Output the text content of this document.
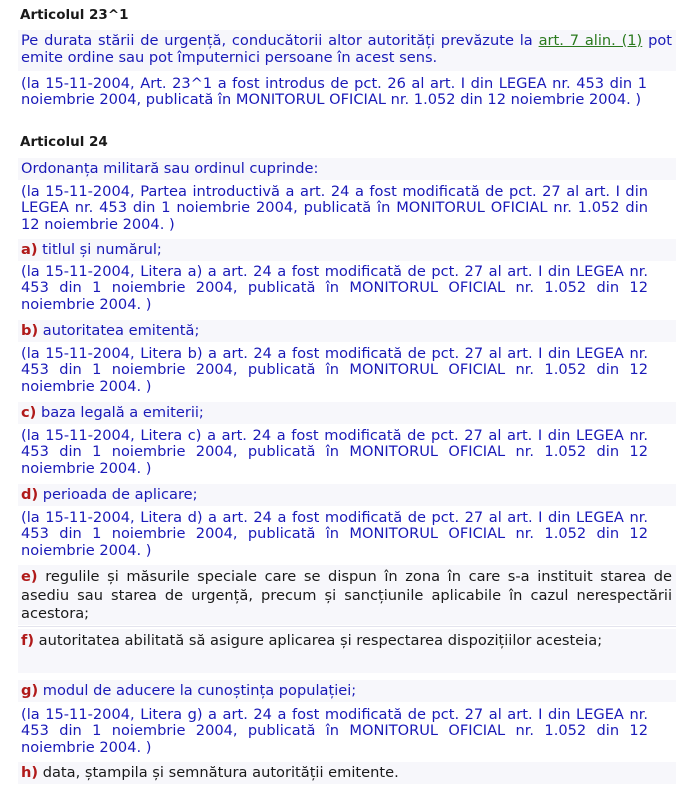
Articolul 23^1
Pe durata stării de urgență, conducătorii altor autorități prevăzute la art. 7 alin. (1) pot emite ordine sau pot împuternici persoane în acest sens.
(la 15-11-2004, Art. 23^1 a fost introdus de pct. 26 al art. I din LEGEA nr. 453 din 1 noiembrie 2004, publicată în MONITORUL OFICIAL nr. 1.052 din 12 noiembrie 2004. )
Articolul 24
Ordonanța militară sau ordinul cuprinde:
(la 15-11-2004, Partea introductivă a art. 24 a fost modificată de pct. 27 al art. I din LEGEA nr. 453 din 1 noiembrie 2004, publicată în MONITORUL OFICIAL nr. 1.052 din 12 noiembrie 2004. )
a) titlul și numărul;
(la 15-11-2004, Litera a) a art. 24 a fost modificată de pct. 27 al art. I din LEGEA nr. 453 din 1 noiembrie 2004, publicată în MONITORUL OFICIAL nr. 1.052 din 12 noiembrie 2004. )
b) autoritatea emitentă;
(la 15-11-2004, Litera b) a art. 24 a fost modificată de pct. 27 al art. I din LEGEA nr. 453 din 1 noiembrie 2004, publicată în MONITORUL OFICIAL nr. 1.052 din 12 noiembrie 2004. )
c) baza legală a emiterii;
(la 15-11-2004, Litera c) a art. 24 a fost modificată de pct. 27 al art. I din LEGEA nr. 453 din 1 noiembrie 2004, publicată în MONITORUL OFICIAL nr. 1.052 din 12 noiembrie 2004. )
d) perioada de aplicare;
(la 15-11-2004, Litera d) a art. 24 a fost modificată de pct. 27 al art. I din LEGEA nr. 453 din 1 noiembrie 2004, publicată în MONITORUL OFICIAL nr. 1.052 din 12 noiembrie 2004. )
e) regulile și măsurile speciale care se dispun în zona în care s-a instituit starea de asediu sau starea de urgență, precum și sancțiunile aplicabile în cazul nerespectării acestora;
f) autoritatea abilitată să asigure aplicarea și respectarea dispozițiilor acesteia;
g) modul de aducere la cunoștința populației;
(la 15-11-2004, Litera g) a art. 24 a fost modificată de pct. 27 al art. I din LEGEA nr. 453 din 1 noiembrie 2004, publicată în MONITORUL OFICIAL nr. 1.052 din 12 noiembrie 2004. )
h) data, ștampila și semnătura autorității emitente.
